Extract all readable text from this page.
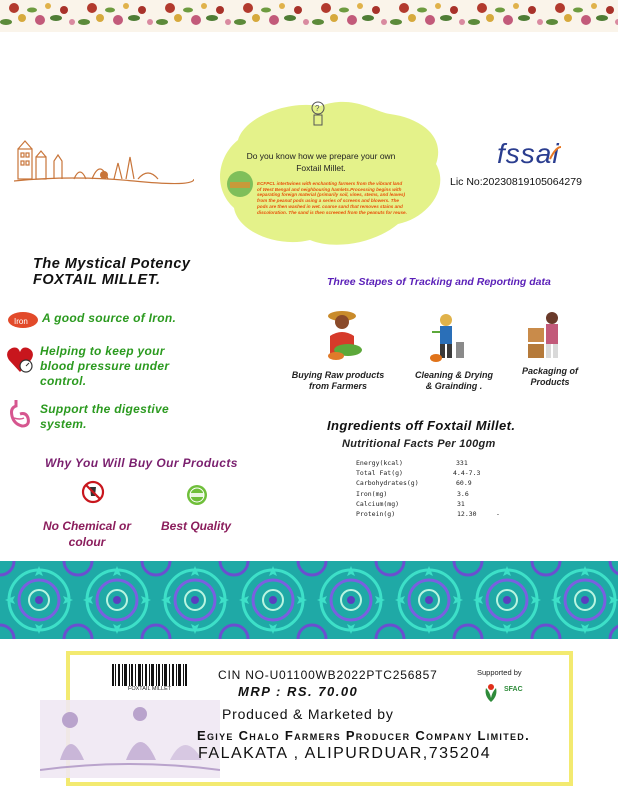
?
Do you know how we prepare your own Foxtail Millet.
ECFPCL intertwines with enchanting farmers from the vibrant land of West Bengal and neighbouring hamlets.Processing begins with separating foreign material (primarily soil, vines, stems, and leaves) from the peanut pods using a series of screens and blowers. The pods are then washed in wet. coarse sand that removes stains and discoloration. The sand is then screened from the peanuts for reuse.
fssai
Lic No:20230819105064279
The Mystical Potency
FOXTAIL MILLET.
Iron A good source of Iron.
Helping to keep your
blood pressure under
control.
Support the digestive
system.
Why You Will Buy Our Products
No Chemical or
colour
Best Quality
Three Stapes of Tracking and Reporting data
Buying Raw products
from Farmers
Cleaning & Drying
& Grainding .
Packaging of
Products
Ingredients off Foxtail Millet.
Nutritional Facts Per 100gm
Energy(kcal)	331
Total Fat(g)	4.4-7.3
Carbohydrates(g)	60.9
Iron(mg)	3.6
Calcium(mg)	31
Protein(g)	12.30	-
FOXTAIL MILLET
CIN NO-U01100WB2022PTC256857
MRP : RS. 70.00
Produced & Marketed by
Egiye Chalo Farmers Producer Company Limited.
FALAKATA , ALIPURDUAR,735204
Supported by
SFAC
